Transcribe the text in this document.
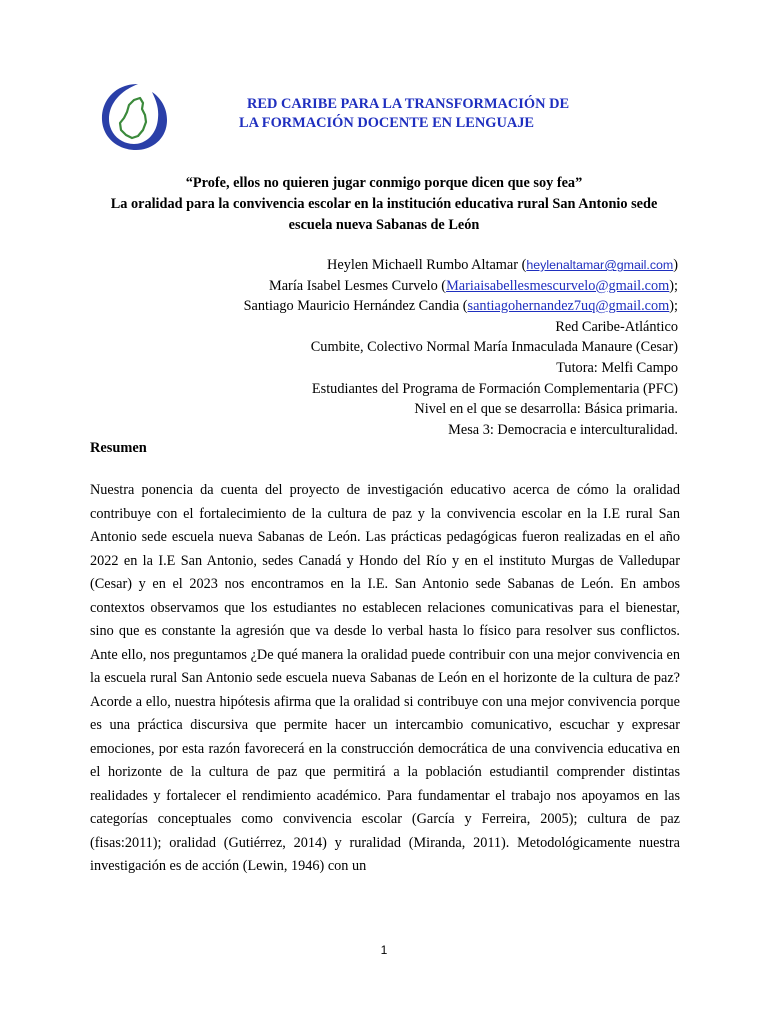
RED CARIBE PARA LA TRANSFORMACIÓN DE
LA FORMACIÓN DOCENTE EN LENGUAJE
“Profe, ellos no quieren jugar conmigo porque dicen que soy fea”
La oralidad para la convivencia escolar en la institución educativa rural San Antonio sede escuela nueva Sabanas de León
Heylen Michaell Rumbo Altamar (heylenaltamar@gmail.com)
María Isabel Lesmes Curvelo (Mariaisabellesmescurvelo@gmail.com);
Santiago Mauricio Hernández Candia (santiagohernandez7uq@gmail.com);
Red Caribe-Atlántico
Cumbite, Colectivo Normal María Inmaculada Manaure (Cesar)
Tutora: Melfi Campo
Estudiantes del Programa de Formación Complementaria (PFC)
Nivel en el que se desarrolla: Básica primaria.
Mesa 3: Democracia e interculturalidad.
Resumen
Nuestra ponencia da cuenta del proyecto de investigación educativo acerca de cómo la oralidad contribuye con el fortalecimiento de la cultura de paz y la convivencia escolar en la I.E rural San Antonio sede escuela nueva Sabanas de León. Las prácticas pedagógicas fueron realizadas en el año 2022 en la I.E San Antonio, sedes Canadá y Hondo del Río y en el instituto Murgas de Valledupar (Cesar) y en el 2023 nos encontramos en la I.E. San Antonio sede Sabanas de León. En ambos contextos observamos que los estudiantes no establecen relaciones comunicativas para el bienestar, sino que es constante la agresión que va desde lo verbal hasta lo físico para resolver sus conflictos. Ante ello, nos preguntamos ¿De qué manera la oralidad puede contribuir con una mejor convivencia en la escuela rural San Antonio sede escuela nueva Sabanas de León en el horizonte de la cultura de paz? Acorde a ello, nuestra hipótesis afirma que la oralidad si contribuye con una mejor convivencia porque es una práctica discursiva que permite hacer un intercambio comunicativo, escuchar y expresar emociones, por esta razón favorecerá en la construcción democrática de una convivencia educativa en el horizonte de la cultura de paz que permitirá a la población estudiantil comprender distintas realidades y fortalecer el rendimiento académico. Para fundamentar el trabajo nos apoyamos en las categorías conceptuales como convivencia escolar (García y Ferreira, 2005); cultura de paz (fisas:2011); oralidad (Gutiérrez, 2014) y ruralidad (Miranda, 2011). Metodológicamente nuestra investigación es de acción (Lewin, 1946) con un
1
